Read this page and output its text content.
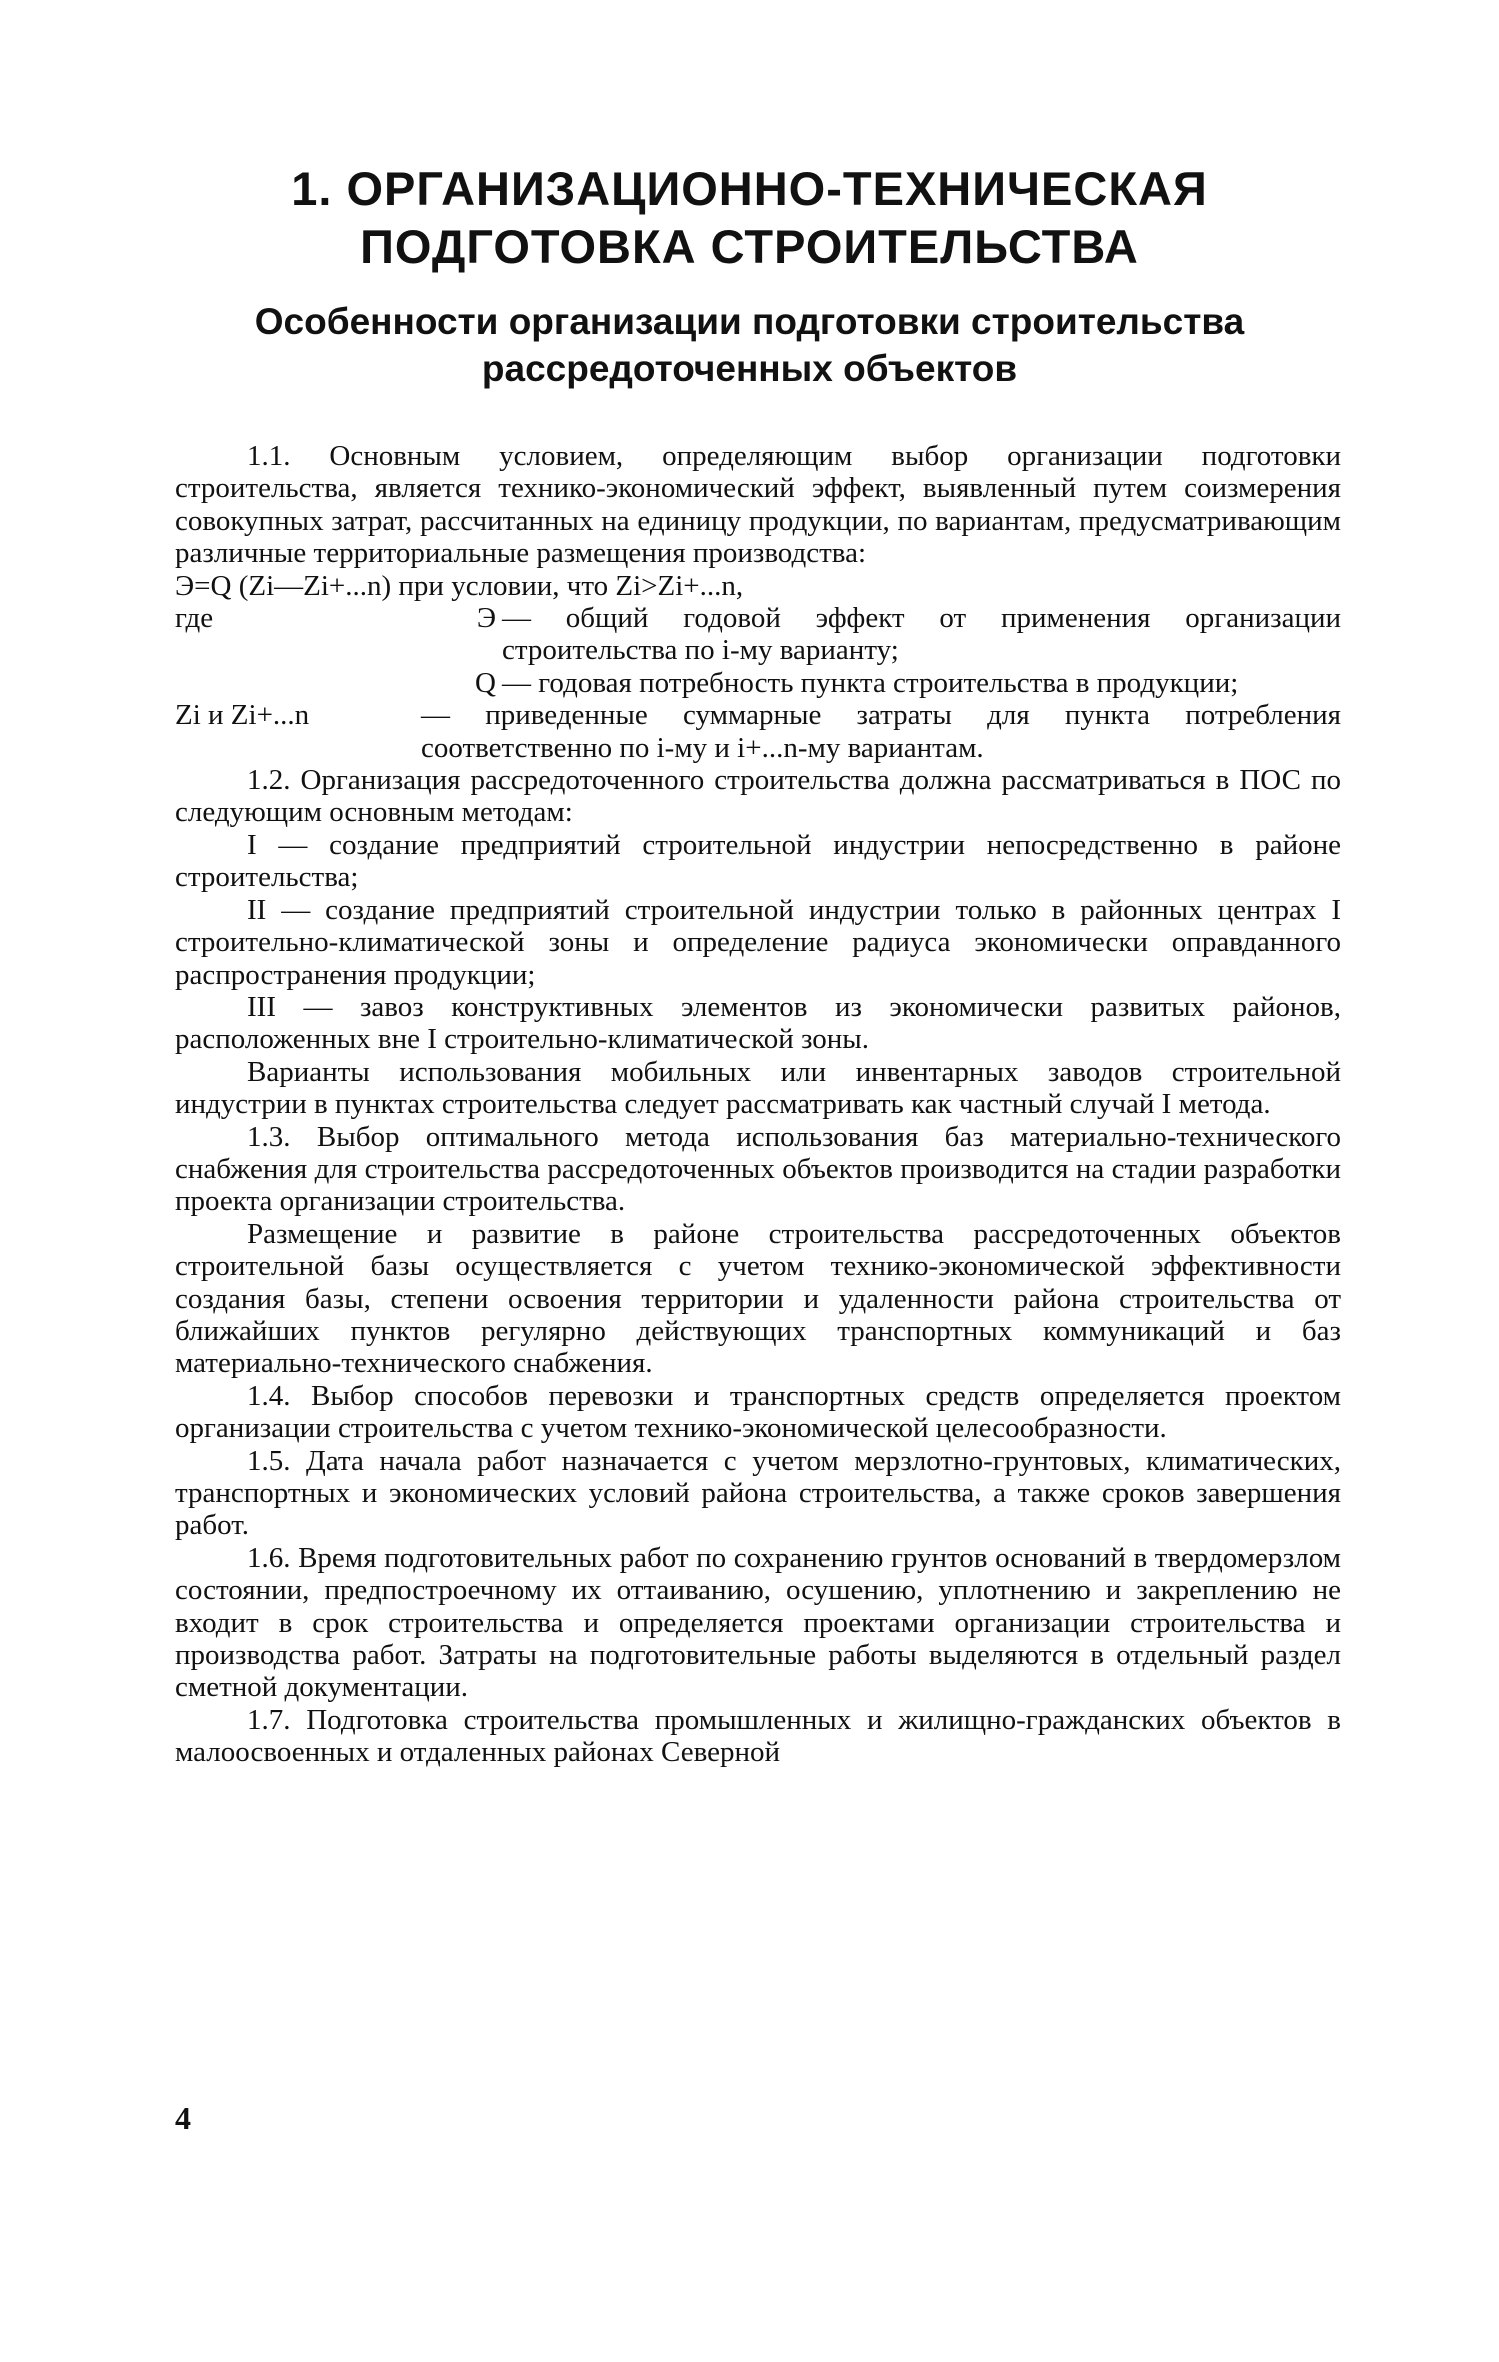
1. ОРГАНИЗАЦИОННО-ТЕХНИЧЕСКАЯ
ПОДГОТОВКА СТРОИТЕЛЬСТВА
Особенности организации подготовки строительства
рассредоточенных объектов

1.1. Основным условием, определяющим выбор организации подготовки строительства, является технико-экономический эффект, выявленный путем соизмерения совокупных затрат, рассчитанных на единицу продукции, по вариантам, предусматривающим различные территориальные размещения производства:

Э=Q (Zi—Zi+...n) при условии, что Zi>Zi+...n,

где	Э — общий годовой эффект от применения организации строительства по i-му варианту;
Q — годовая потребность пункта строительства в продукции;
Zi и Zi+...n	— приведенные суммарные затраты для пункта потребления соответственно по i-му и i+...n-му вариантам.

1.2. Организация рассредоточенного строительства должна рассматриваться в ПОС по следующим основным методам:

I — создание предприятий строительной индустрии непосредственно в районе строительства;

II — создание предприятий строительной индустрии только в районных центрах I строительно-климатической зоны и определение радиуса экономически оправданного распространения продукции;

III — завоз конструктивных элементов из экономически развитых районов, расположенных вне I строительно-климатической зоны.

Варианты использования мобильных или инвентарных заводов строительной индустрии в пунктах строительства следует рассматривать как частный случай I метода.

1.3. Выбор оптимального метода использования баз материально-технического снабжения для строительства рассредоточенных объектов производится на стадии разработки проекта организации строительства.

Размещение и развитие в районе строительства рассредоточенных объектов строительной базы осуществляется с учетом технико-экономической эффективности создания базы, степени освоения территории и удаленности района строительства от ближайших пунктов регулярно действующих транспортных коммуникаций и баз материально-технического снабжения.

1.4. Выбор способов перевозки и транспортных средств определяется проектом организации строительства с учетом технико-экономической целесообразности.

1.5. Дата начала работ назначается с учетом мерзлотно-грунтовых, климатических, транспортных и экономических условий района строительства, а также сроков завершения работ.

1.6. Время подготовительных работ по сохранению грунтов оснований в твердомерзлом состоянии, предпостроечному их оттаиванию, осушению, уплотнению и закреплению не входит в срок строительства и определяется проектами организации строительства и производства работ. Затраты на подготовительные работы выделяются в отдельный раздел сметной документации.

1.7. Подготовка строительства промышленных и жилищно-гражданских объектов в малоосвоенных и отдаленных районах Северной

4
